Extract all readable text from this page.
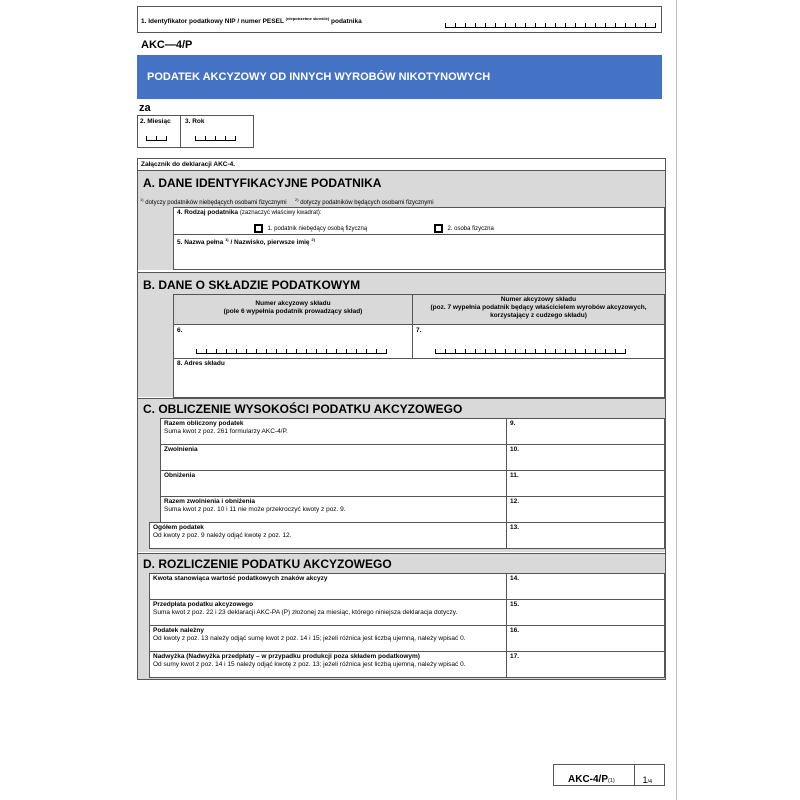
1. Identyfikator podatkowy NIP / numer PESEL $^{(niepotrzebne skreślić)}$ podatnika
AKC—4/P
PODATEK AKCYZOWY OD INNYCH WYROBÓW NIKOTYNOWYCH
za
2. Miesiąc 3. Rok
Załącznik do deklaracji AKC-4.
A. DANE IDENTYFIKACYJNE PODATNIKA
$^{1)}$ dotyczy podatników niebędących osobami fizycznymi     $^{2)}$ dotyczy podatników będących osobami fizycznymi
4. Rodzaj podatnika (zaznaczyć właściwy kwadrat):
1. podatnik niebędący osobą fizyczną	2. osoba fizyczna
5. Nazwa pełna $^{1)}$ / Nazwisko, pierwsze imię $^{2)}$
B. DANE O SKŁADZIE PODATKOWYM
Numer akcyzowy składu
(pole 6 wypełnia podatnik prowadzący skład)
Numer akcyzowy składu
(poz. 7 wypełnia podatnik będący właścicielem wyrobów akcyzowych,
korzystający z cudzego składu)
6.	7.
8. Adres składu
C. OBLICZENIE WYSOKOŚCI PODATKU AKCYZOWEGO
Razem obliczony podatek
Suma kwot z poz. 261 formularzy AKC-4/P.
9.
Zwolnienia	10.
Obniżenia	11.
Razem zwolnienia i obniżenia
Suma kwot z poz. 10 i 11 nie może przekroczyć kwoty z poz. 9.
12.
Ogółem podatek
Od kwoty z poz. 9 należy odjąć kwotę z poz. 12.
13.
D. ROZLICZENIE PODATKU AKCYZOWEGO
Kwota stanowiąca wartość podatkowych znaków akcyzy	14.
Przedpłata podatku akcyzowego
Suma kwot z poz. 22 i 23 deklaracji AKC-PA (P) złożonej za miesiąc, którego niniejsza deklaracja dotyczy.
15.
Podatek należny
Od kwoty z poz. 13 należy odjąć sumę kwot z poz. 14 i 15; jeżeli różnica jest liczbą ujemną, należy wpisać 0.
16.
Nadwyżka (Nadwyżka przedpłaty – w przypadku produkcji poza składem podatkowym)
Od sumy kwot z poz. 14 i 15 należy odjąć kwotę z poz. 13; jeżeli różnica jest liczbą ujemną, należy wpisać 0.
17.
AKC-4/P(1)	1/4
